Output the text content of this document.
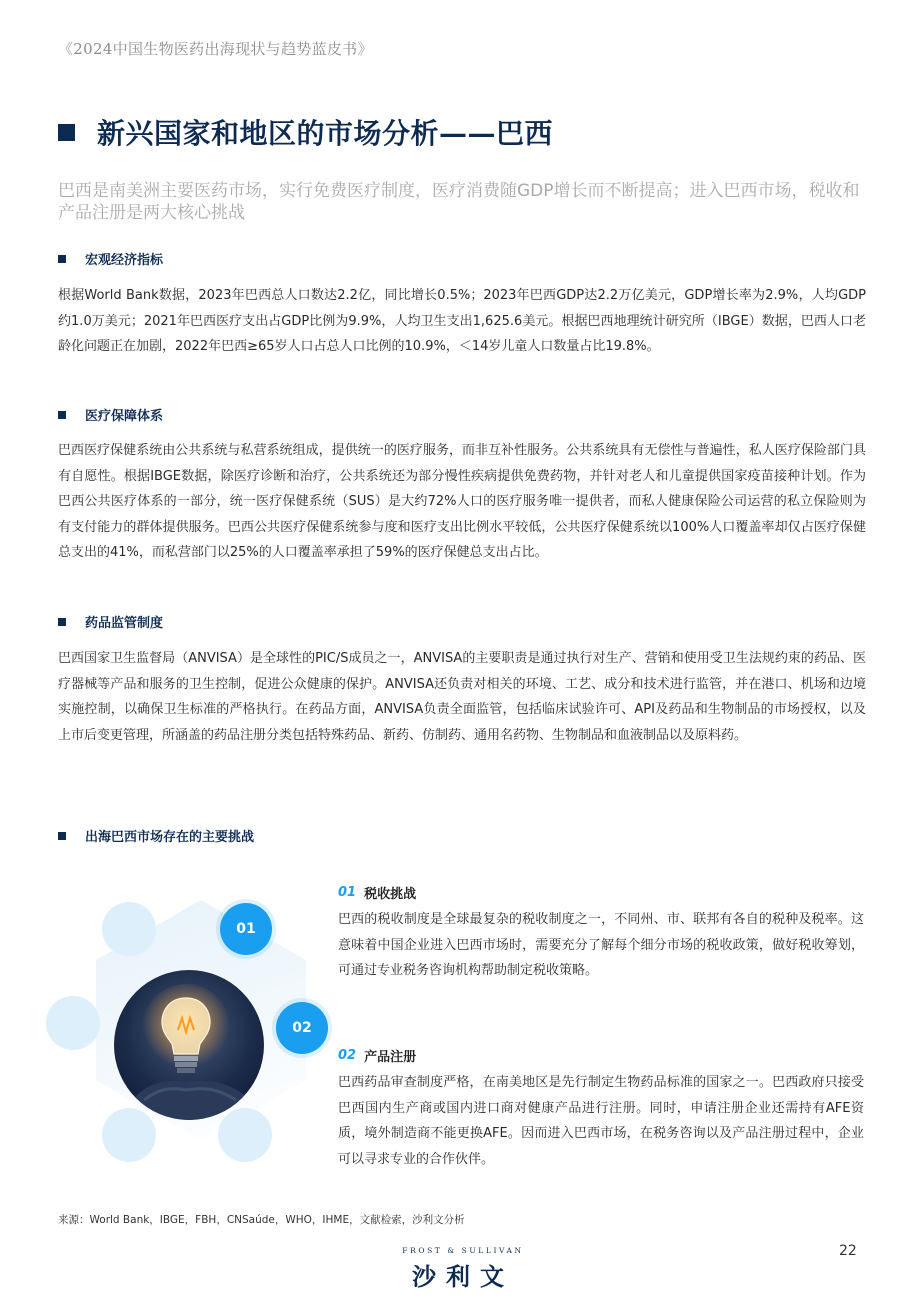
《2024中国生物医药出海现状与趋势蓝皮书》
新兴国家和地区的市场分析——巴西
巴西是南美洲主要医药市场，实行免费医疗制度，医疗消费随GDP增长而不断提高；进入巴西市场，税收和产品注册是两大核心挑战
宏观经济指标
根据World Bank数据，2023年巴西总人口数达2.2亿，同比增长0.5%；2023年巴西GDP达2.2万亿美元，GDP增长率为2.9%，人均GDP约1.0万美元；2021年巴西医疗支出占GDP比例为9.9%，人均卫生支出1,625.6美元。根据巴西地理统计研究所（IBGE）数据，巴西人口老龄化问题正在加剧，2022年巴西≥65岁人口占总人口比例的10.9%，＜14岁儿童人口数量占比19.8%。
医疗保障体系
巴西医疗保健系统由公共系统与私营系统组成，提供统一的医疗服务，而非互补性服务。公共系统具有无偿性与普遍性，私人医疗保险部门具有自愿性。根据IBGE数据，除医疗诊断和治疗，公共系统还为部分慢性疾病提供免费药物，并针对老人和儿童提供国家疫苗接种计划。作为巴西公共医疗体系的一部分，统一医疗保健系统（SUS）是大约72%人口的医疗服务唯一提供者，而私人健康保险公司运营的私立保险则为有支付能力的群体提供服务。巴西公共医疗保健系统参与度和医疗支出比例水平较低，公共医疗保健系统以100%人口覆盖率却仅占医疗保健总支出的41%，而私营部门以25%的人口覆盖率承担了59%的医疗保健总支出占比。
药品监管制度
巴西国家卫生监督局（ANVISA）是全球性的PIC/S成员之一，ANVISA的主要职责是通过执行对生产、营销和使用受卫生法规约束的药品、医疗器械等产品和服务的卫生控制，促进公众健康的保护。ANVISA还负责对相关的环境、工艺、成分和技术进行监管，并在港口、机场和边境实施控制，以确保卫生标准的严格执行。在药品方面，ANVISA负责全面监管，包括临床试验许可、API及药品和生物制品的市场授权，以及上市后变更管理，所涵盖的药品注册分类包括特殊药品、新药、仿制药、通用名药物、生物制品和血液制品以及原料药。
出海巴西市场存在的主要挑战
01
02
01 税收挑战
巴西的税收制度是全球最复杂的税收制度之一，不同州、市、联邦有各自的税种及税率。这意味着中国企业进入巴西市场时，需要充分了解每个细分市场的税收政策，做好税收筹划，可通过专业税务咨询机构帮助制定税收策略。
02 产品注册
巴西药品审查制度严格，在南美地区是先行制定生物药品标准的国家之一。巴西政府只接受巴西国内生产商或国内进口商对健康产品进行注册。同时，申请注册企业还需持有AFE资质，境外制造商不能更换AFE。因而进入巴西市场，在税务咨询以及产品注册过程中，企业可以寻求专业的合作伙伴。
来源：World Bank，IBGE，FBH，CNSaúde，WHO，IHME，文献检索，沙利文分析
22
FROST & SULLIVAN
沙利文
